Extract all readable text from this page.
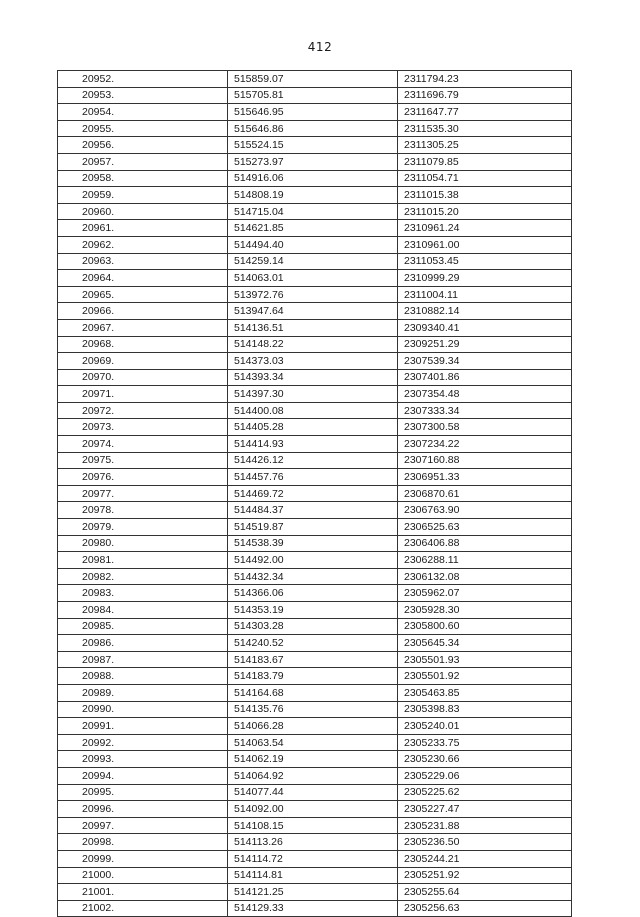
412
20952.	515859.07	2311794.23
20953.	515705.81	2311696.79
20954.	515646.95	2311647.77
20955.	515646.86	2311535.30
20956.	515524.15	2311305.25
20957.	515273.97	2311079.85
20958.	514916.06	2311054.71
20959.	514808.19	2311015.38
20960.	514715.04	2311015.20
20961.	514621.85	2310961.24
20962.	514494.40	2310961.00
20963.	514259.14	2311053.45
20964.	514063.01	2310999.29
20965.	513972.76	2311004.11
20966.	513947.64	2310882.14
20967.	514136.51	2309340.41
20968.	514148.22	2309251.29
20969.	514373.03	2307539.34
20970.	514393.34	2307401.86
20971.	514397.30	2307354.48
20972.	514400.08	2307333.34
20973.	514405.28	2307300.58
20974.	514414.93	2307234.22
20975.	514426.12	2307160.88
20976.	514457.76	2306951.33
20977.	514469.72	2306870.61
20978.	514484.37	2306763.90
20979.	514519.87	2306525.63
20980.	514538.39	2306406.88
20981.	514492.00	2306288.11
20982.	514432.34	2306132.08
20983.	514366.06	2305962.07
20984.	514353.19	2305928.30
20985.	514303.28	2305800.60
20986.	514240.52	2305645.34
20987.	514183.67	2305501.93
20988.	514183.79	2305501.92
20989.	514164.68	2305463.85
20990.	514135.76	2305398.83
20991.	514066.28	2305240.01
20992.	514063.54	2305233.75
20993.	514062.19	2305230.66
20994.	514064.92	2305229.06
20995.	514077.44	2305225.62
20996.	514092.00	2305227.47
20997.	514108.15	2305231.88
20998.	514113.26	2305236.50
20999.	514114.72	2305244.21
21000.	514114.81	2305251.92
21001.	514121.25	2305255.64
21002.	514129.33	2305256.63
